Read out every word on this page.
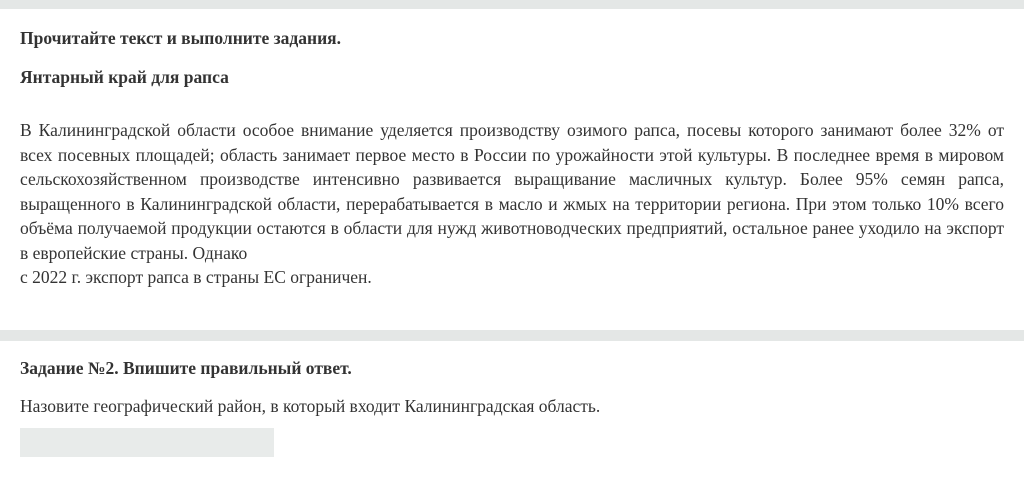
Прочитайте текст и выполните задания.

Янтарный край для рапса

В Калининградской области особое внимание уделяется производству озимого рапса, посевы которого занимают более 32% от всех посевных площадей; область занимает первое место в России по урожайности этой культуры. В последнее время в мировом сельскохозяйственном производстве интенсивно развивается выращивание масличных культур. Более 95% семян рапса, выращенного в Калининградской области, перерабатывается в масло и жмых на территории региона. При этом только 10% всего объёма получаемой продукции остаются в области для нужд животноводческих предприятий, остальное ранее уходило на экспорт в европейские страны. Однако

с 2022 г. экспорт рапса в страны ЕС ограничен.

Задание №2. Впишите правильный ответ.

Назовите географический район, в который входит Калининградская область.
